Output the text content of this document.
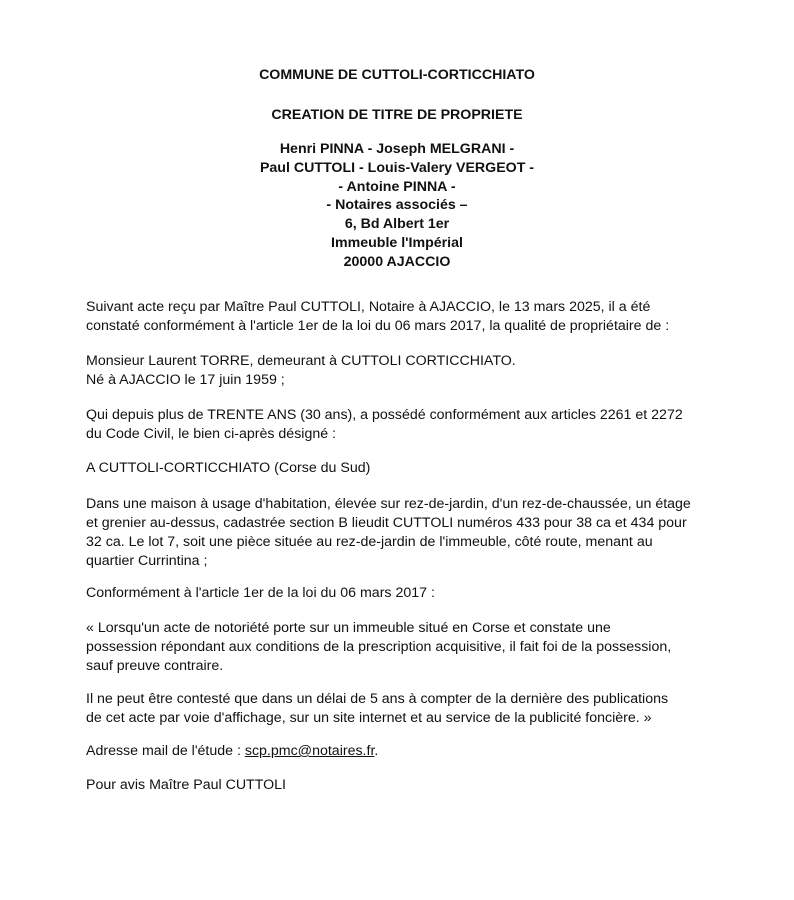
COMMUNE DE CUTTOLI-CORTICCHIATO
CREATION DE TITRE DE PROPRIETE
Henri PINNA - Joseph MELGRANI -
Paul CUTTOLI - Louis-Valery VERGEOT -
- Antoine PINNA -
- Notaires associés –
6, Bd Albert 1er
Immeuble l'Impérial
20000 AJACCIO

Suivant acte reçu par Maître Paul CUTTOLI, Notaire à AJACCIO, le 13 mars 2025, il a été
constaté conformément à l'article 1er de la loi du 06 mars 2017, la qualité de propriétaire de :

Monsieur Laurent TORRE, demeurant à CUTTOLI CORTICCHIATO.
Né à AJACCIO le 17 juin 1959 ;

Qui depuis plus de TRENTE ANS (30 ans), a possédé conformément aux articles 2261 et 2272
du Code Civil, le bien ci-après désigné :

A CUTTOLI-CORTICCHIATO (Corse du Sud)

Dans une maison à usage d'habitation, élevée sur rez-de-jardin, d'un rez-de-chaussée, un étage
et grenier au-dessus, cadastrée section B lieudit CUTTOLI numéros 433 pour 38 ca et 434 pour
32 ca. Le lot 7, soit une pièce située au rez-de-jardin de l'immeuble, côté route, menant au
quartier Currintina ;

Conformément à l'article 1er de la loi du 06 mars 2017 :

« Lorsqu'un acte de notoriété porte sur un immeuble situé en Corse et constate une
possession répondant aux conditions de la prescription acquisitive, il fait foi de la possession,
sauf preuve contraire.

Il ne peut être contesté que dans un délai de 5 ans à compter de la dernière des publications
de cet acte par voie d'affichage, sur un site internet et au service de la publicité foncière. »

Adresse mail de l'étude : scp.pmc@notaires.fr.

Pour avis Maître Paul CUTTOLI
